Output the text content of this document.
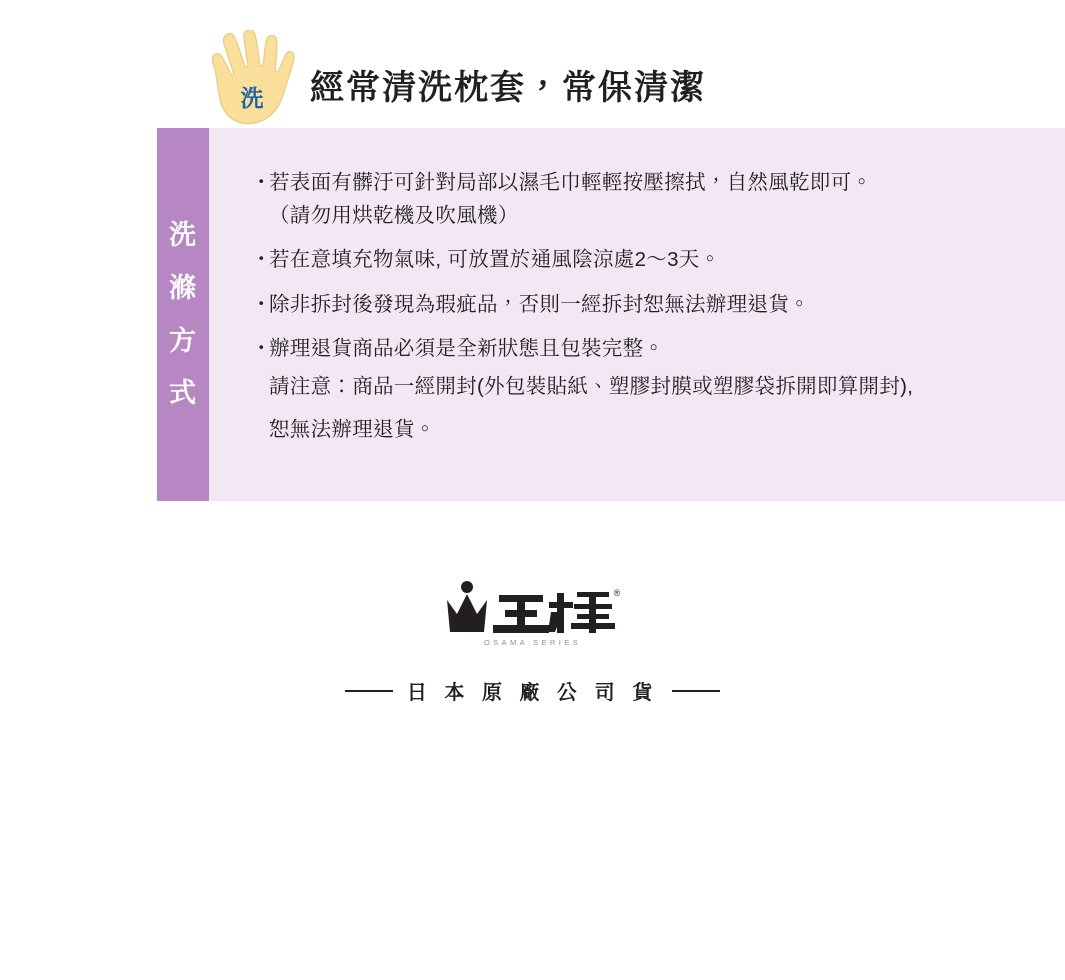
洗 經常清洗枕套，常保清潔
洗
滌
方
式
・
若表面有髒汙可針對局部以濕毛巾輕輕按壓擦拭，自然風乾即可。
（請勿用烘乾機及吹風機）
・
若在意填充物氣味, 可放置於通風陰涼處2〜3天。
・
除非拆封後發現為瑕疵品，否則一經拆封恕無法辦理退貨。
・
辦理退貨商品必須是全新狀態且包裝完整。
請注意：商品一經開封(外包裝貼紙、塑膠封膜或塑膠袋拆開即算開封),
恕無法辦理退貨。
®
OSAMA SERIES
日 本 原 廠 公 司 貨
